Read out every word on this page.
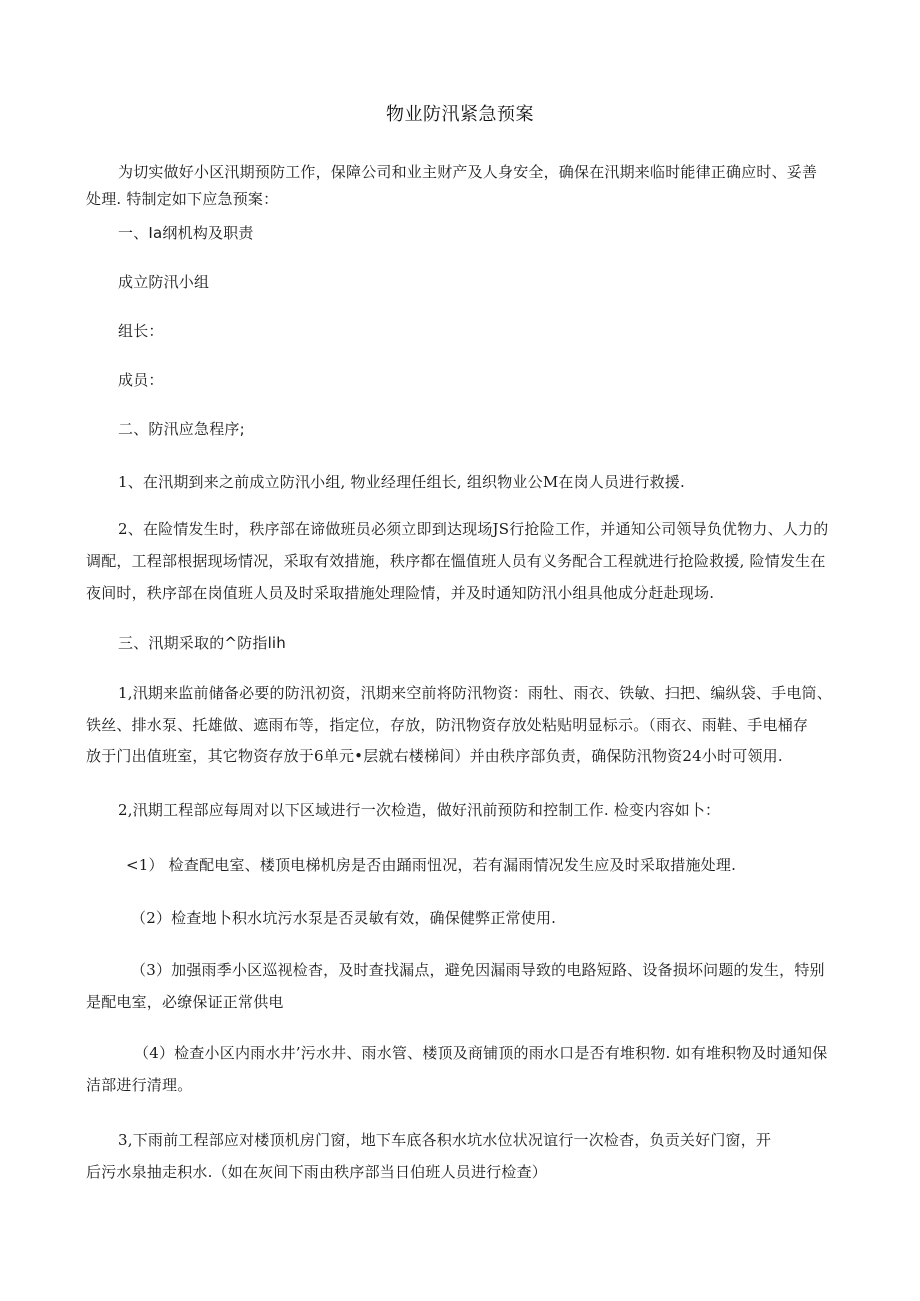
物业防汛紧急预案
为切实做好小区汛期预防工作，保障公司和业主财产及人身安全，确保在汛期来临时能律正确应时、妥善
处理. 特制定如下应急预案：
一、Ia纲机构及职责
成立防汛小组
组长：
成员：
二、防汛应急程序;
1、在汛期到来之前成立防汛小组, 物业经理任组长, 组织物业公M在岗人员进行救援.
2、在险情发生时，秩序部在谛做班员必须立即到达现场JS行抢险工作，并通知公司领导负优物力、人力的
调配，工程部根据现场情况，采取有效措施，秩序都在慍值班人员有义务配合工程就进行抢险救援, 险情发生在
夜间时，秩序部在岗值班人员及时采取措施处理险情，并及时通知防汛小组具他成分赶赴现场.
三、汛期采取的^防指lih
1,汛期来监前储备必要的防汛初资，汛期来空前将防汛物资：雨牡、雨衣、铁敏、扫把、编纵袋、手电筒、
铁丝、排水泵、托雄做、遮雨布等，指定位，存放，防汛物资存放处粘贴明显标示。（雨衣、雨鞋、手电桶存
放于门出值班室，其它物资存放于6单元•层就右楼梯间）并由秩序部负责，确保防汛物资24小时可领用.
2,汛期工程部应每周对以下区域进行一次检造，做好汛前预防和控制工作. 检变内容如卜：
<1） 检查配电室、楼顶电梯机房是否由踊雨忸况，若有漏雨情况发生应及时采取措施处理.
（2）检查地卜积水坑污水泵是否灵敏有效，确保健弊正常使用.
（3）加强雨季小区巡视检杳，及时查找漏点，避免因漏雨导致的电路短路、设备损坏问题的发生，特别
是配电室，必缭保证正常供电
（4）检查小区内雨水井’污水井、雨水管、楼顶及商铺顶的雨水口是否有堆积物. 如有堆积物及时通知保
洁部进行清理。
3,下雨前工程部应对楼顶机房门窗，地下车底各积水坑水位状况谊行一次检杳，负贡关好门窗，开
后污水泉抽走积水.（如在灰间下雨由秩序部当日伯班人员进行检查）
